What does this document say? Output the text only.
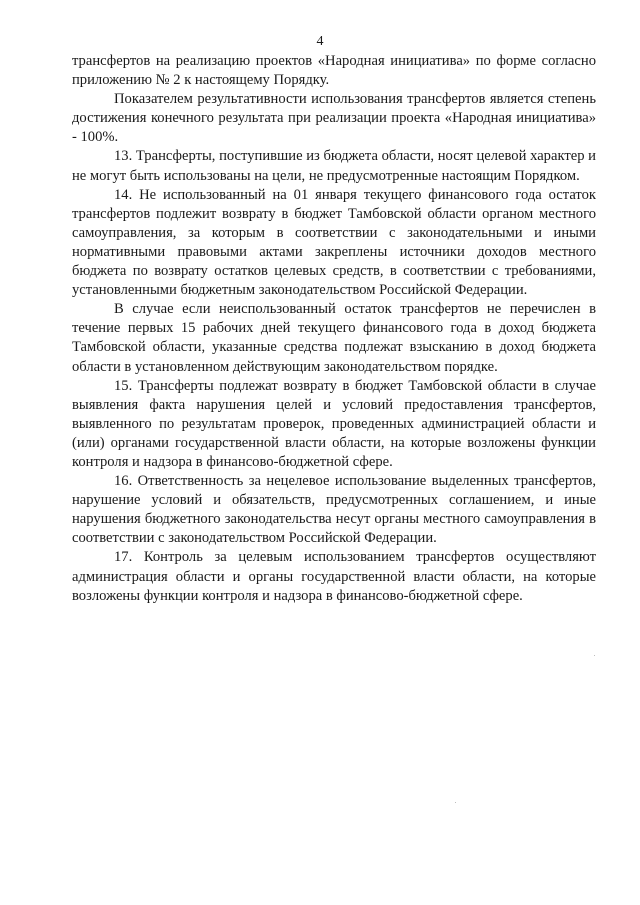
4

трансфертов на реализацию проектов «Народная инициатива» по форме согласно приложению № 2 к настоящему Порядку.

Показателем результативности использования трансфертов является степень достижения конечного результата при реализации проекта «Народная инициатива» - 100%.

13. Трансферты, поступившие из бюджета области, носят целевой характер и не могут быть использованы на цели, не предусмотренные настоящим Порядком.

14. Не использованный на 01 января текущего финансового года остаток трансфертов подлежит возврату в бюджет Тамбовской области органом местного самоуправления, за которым в соответствии с законодательными и иными нормативными правовыми актами закреплены источники доходов местного бюджета по возврату остатков целевых средств, в соответствии с требованиями, установленными бюджетным законодательством Российской Федерации.

В случае если неиспользованный остаток трансфертов не перечислен в течение первых 15 рабочих дней текущего финансового года в доход бюджета Тамбовской области, указанные средства подлежат взысканию в доход бюджета области в установленном действующим законодательством порядке.

15. Трансферты подлежат возврату в бюджет Тамбовской области в случае выявления факта нарушения целей и условий предоставления трансфертов, выявленного по результатам проверок, проведенных администрацией области и (или) органами государственной власти области, на которые возложены функции контроля и надзора в финансово-бюджетной сфере.

16. Ответственность за нецелевое использование выделенных трансфертов, нарушение условий и обязательств, предусмотренных соглашением, и иные нарушения бюджетного законодательства несут органы местного самоуправления в соответствии с законодательством Российской Федерации.

17. Контроль за целевым использованием трансфертов осуществляют администрация области и органы государственной власти области, на которые возложены функции контроля и надзора в финансово-бюджетной сфере.
